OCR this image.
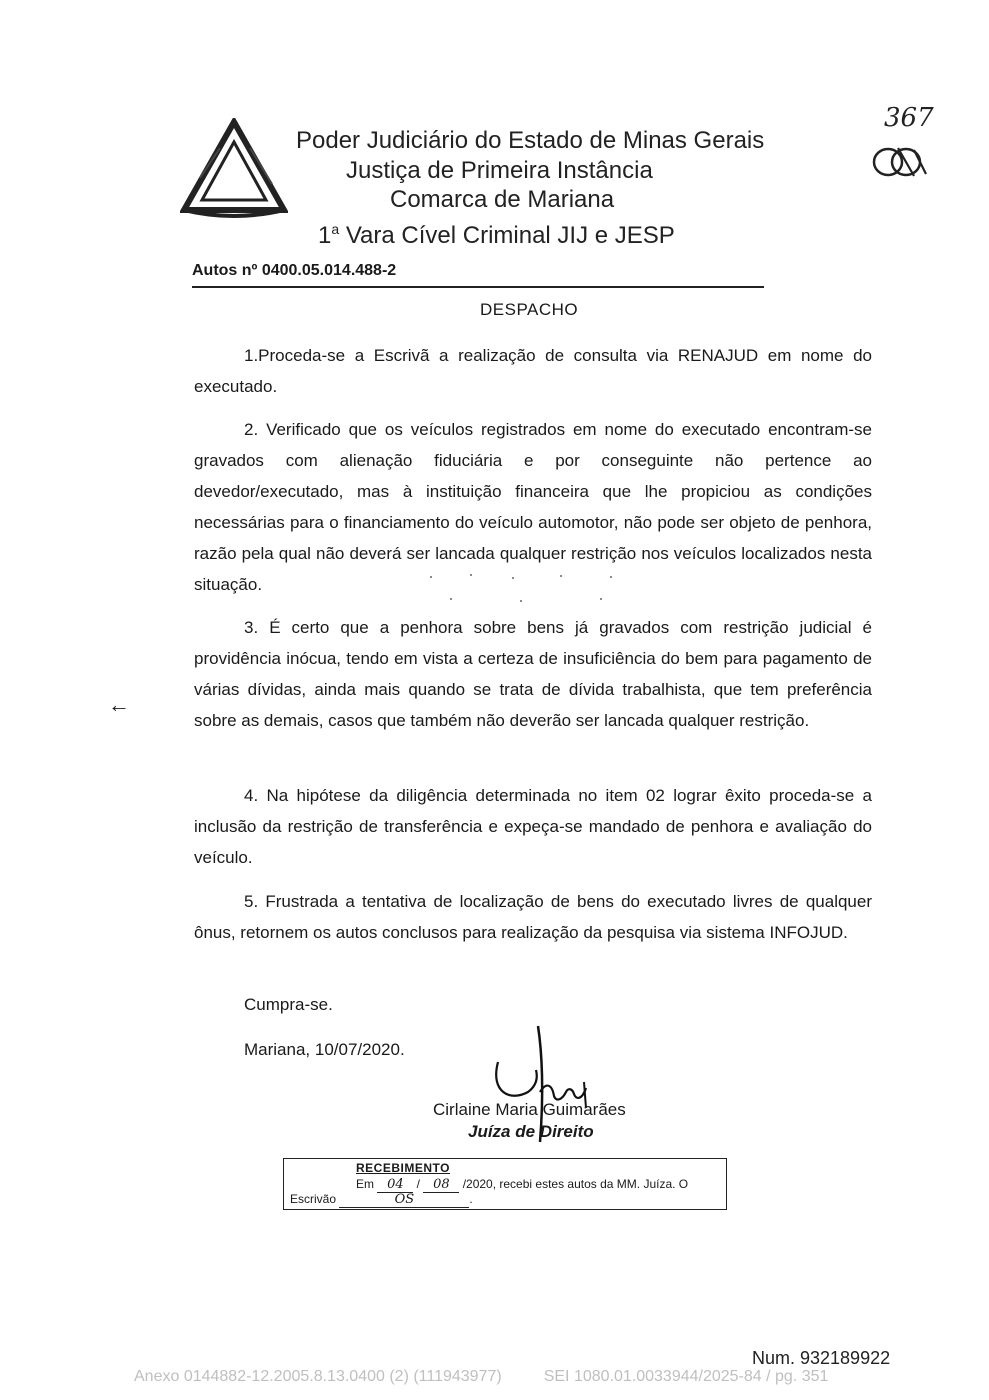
Poder Judiciário do Estado de Minas Gerais
Justiça de Primeira Instância
Comarca de Mariana
1$^a$ Vara Cível Criminal JIJ e JESP
367
Autos nº 0400.05.014.488-2
DESPACHO
1.Proceda-se a Escrivã a realização de consulta via RENAJUD em nome do executado.
2. Verificado que os veículos registrados em nome do executado encontram-se gravados com alienação fiduciária e por conseguinte não pertence ao devedor/executado, mas à instituição financeira que lhe propiciou as condições necessárias para o financiamento do veículo automotor, não pode ser objeto de penhora, razão pela qual não deverá ser lancada qualquer restrição nos veículos localizados nesta situação.
3. É certo que a penhora sobre bens já gravados com restrição judicial é providência inócua, tendo em vista a certeza de insuficiência do bem para pagamento de várias dívidas, ainda mais quando se trata de dívida trabalhista, que tem preferência sobre as demais, casos que também não deverão ser lancada qualquer restrição.
4. Na hipótese da diligência determinada no item 02 lograr êxito proceda-se a inclusão da restrição de transferência e expeça-se mandado de penhora e avaliação do veículo.
5. Frustrada a tentativa de localização de bens do executado livres de qualquer ônus, retornem os autos conclusos para realização da pesquisa via sistema INFOJUD.
←
Cumpra-se.
Mariana, 10/07/2020.
Cirlaine Maria Guimarães
Juíza de Direito
RECEBIMENTO
Em 04 / 08 /2020, recebi estes autos da MM. Juíza. O
Escrivão	OS	.
Num. 932189922
Anexo 0144882-12.2005.8.13.0400 (2) (111943977)	SEI 1080.01.0033944/2025-84 / pg. 351
